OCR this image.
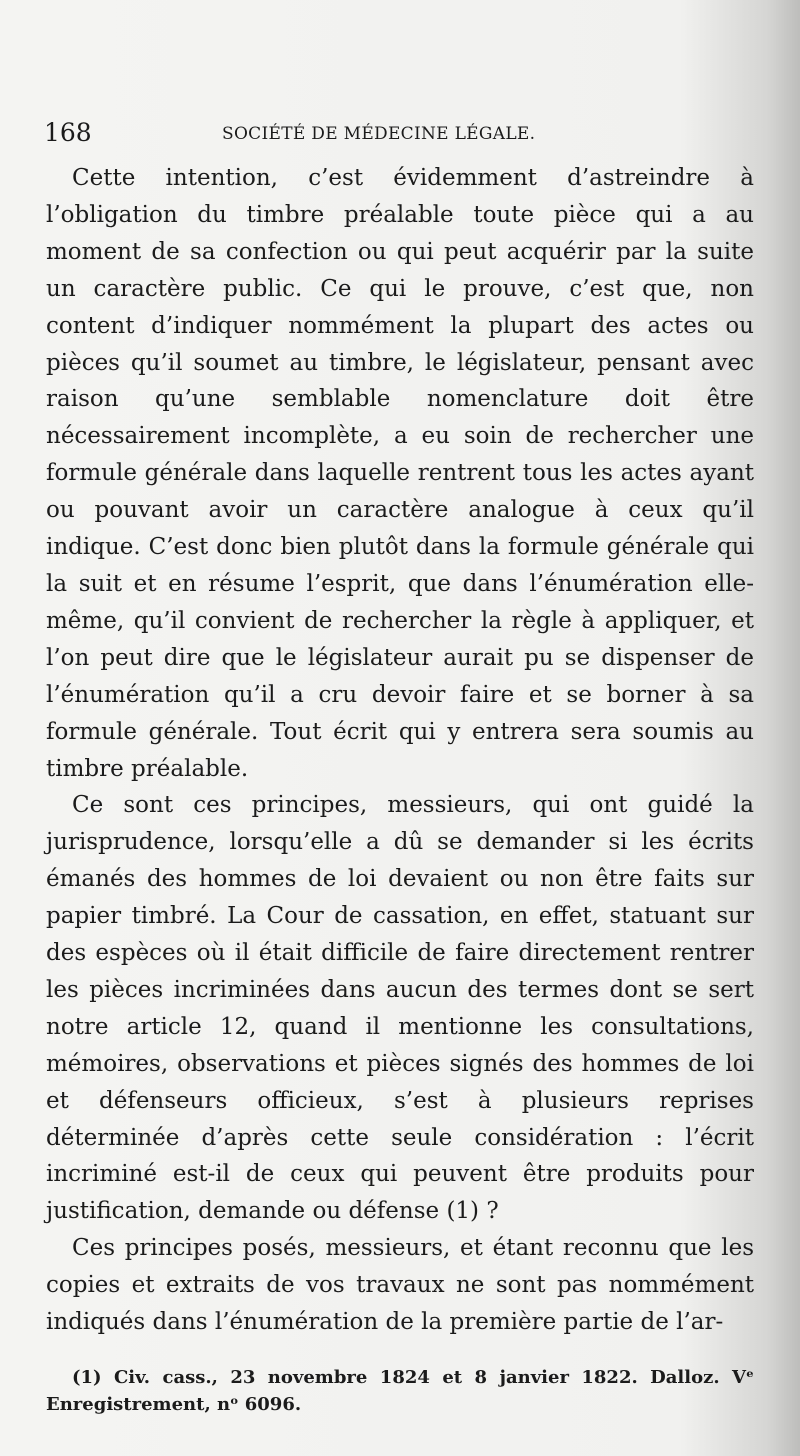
168	SOCIÉTÉ DE MÉDECINE LÉGALE.

Cette intention, c’est évidemment d’astreindre à l’obligation du timbre préalable toute pièce qui a au moment de sa confection ou qui peut acquérir par la suite un caractère public. Ce qui le prouve, c’est que, non content d’indiquer nommément la plupart des actes ou pièces qu’il soumet au timbre, le législateur, pensant avec raison qu’une semblable nomenclature doit être nécessairement incomplète, a eu soin de rechercher une formule générale dans laquelle rentrent tous les actes ayant ou pouvant avoir un caractère analogue à ceux qu’il indique. C’est donc bien plutôt dans la formule générale qui la suit et en résume l’esprit, que dans l’énumération elle-même, qu’il convient de rechercher la règle à appliquer, et l’on peut dire que le législateur aurait pu se dispenser de l’énumération qu’il a cru devoir faire et se borner à sa formule générale. Tout écrit qui y entrera sera soumis au timbre préalable.

Ce sont ces principes, messieurs, qui ont guidé la jurisprudence, lorsqu’elle a dû se demander si les écrits émanés des hommes de loi devaient ou non être faits sur papier timbré. La Cour de cassation, en effet, statuant sur des espèces où il était difficile de faire directement rentrer les pièces incriminées dans aucun des termes dont se sert notre article 12, quand il mentionne les consultations, mémoires, observations et pièces signés des hommes de loi et défenseurs officieux, s’est à plusieurs reprises déterminée d’après cette seule considération : l’écrit incriminé est-il de ceux qui peuvent être produits pour justification, demande ou défense (1) ?

Ces principes posés, messieurs, et étant reconnu que les copies et extraits de vos travaux ne sont pas nommément indiqués dans l’énumération de la première partie de l’ar-

(1) Civ. cass., 23 novembre 1824 et 8 janvier 1822. Dalloz. Vᵉ Enregistrement, nᵒ 6096.
